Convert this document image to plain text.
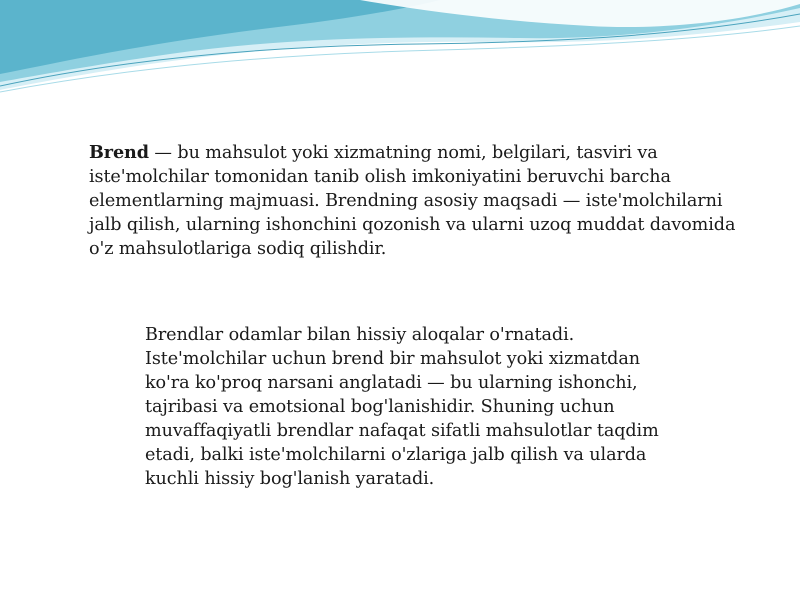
Brend — bu mahsulot yoki xizmatning nomi, belgilari, tasviri va iste'molchilar tomonidan tanib olish imkoniyatini beruvchi barcha elementlarning majmuasi. Brendning asosiy maqsadi — iste'molchilarni jalb qilish, ularning ishonchini qozonish va ularni uzoq muddat davomida o'z mahsulotlariga sodiq qilishdir.

Brendlar odamlar bilan hissiy aloqalar o'rnatadi. Iste'molchilar uchun brend bir mahsulot yoki xizmatdan ko'ra ko'proq narsani anglatadi — bu ularning ishonchi, tajribasi va emotsional bog'lanishidir. Shuning uchun muvaffaqiyatli brendlar nafaqat sifatli mahsulotlar taqdim etadi, balki iste'molchilarni o'zlariga jalb qilish va ularda kuchli hissiy bog'lanish yaratadi.
